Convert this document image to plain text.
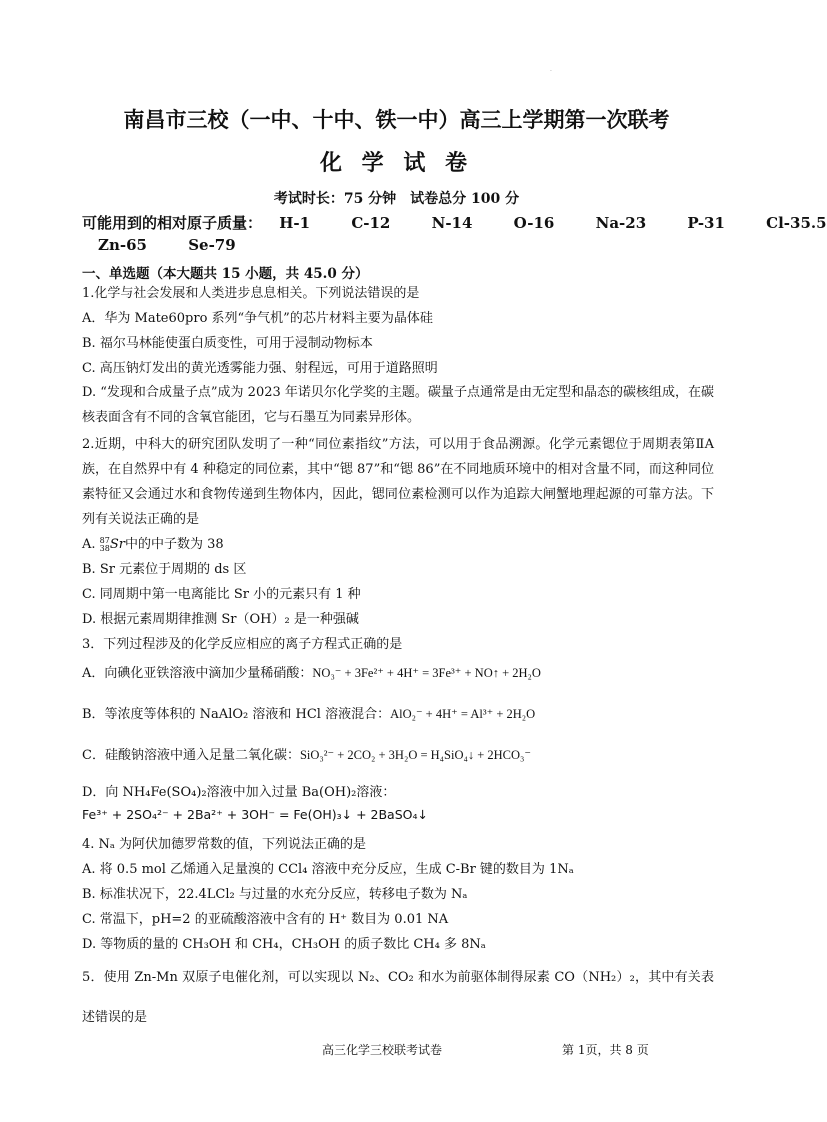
.
南昌市三校（一中、十中、铁一中）高三上学期第一次联考
化 学 试 卷
考试时长：75 分钟　试卷总分 100 分
可能用到的相对原子质量： H-1	C-12	N-14	O-16	Na-23	P-31	Cl-35.5
Zn-65	Se-79
一、单选题（本大题共 15 小题，共 45.0 分）
1.化学与社会发展和人类进步息息相关。下列说法错误的是
A．华为 Mate60pro 系列“争气机”的芯片材料主要为晶体硅
B. 福尔马林能使蛋白质变性，可用于浸制动物标本
C. 高压钠灯发出的黄光透雾能力强、射程远，可用于道路照明
D. “发现和合成量子点”成为 2023 年诺贝尔化学奖的主题。碳量子点通常是由无定型和晶态的碳核组成，在碳核表面含有不同的含氧官能团，它与石墨互为同素异形体。
2.近期，中科大的研究团队发明了一种“同位素指纹”方法，可以用于食品溯源。化学元素锶位于周期表第ⅡA 族，在自然界中有 4 种稳定的同位素，其中“锶 87”和“锶 86”在不同地质环境中的相对含量不同，而这种同位素特征又会通过水和食物传递到生物体内，因此，锶同位素检测可以作为追踪大闸蟹地理起源的可靠方法。下列有关说法正确的是
A. 87
38 Sr中的中子数为 38
B. Sr 元素位于周期的 ds 区
C. 同周期中第一电离能比 Sr 小的元素只有 1 种
D. 根据元素周期律推测 Sr（OH）₂ 是一种强碱
3．下列过程涉及的化学反应相应的离子方程式正确的是
A．向碘化亚铁溶液中滴加少量稀硝酸：NO₃⁻ + 3Fe²⁺ + 4H⁺ = 3Fe³⁺ + NO↑ + 2H₂O
B．等浓度等体积的 NaAlO₂ 溶液和 HCl 溶液混合：AlO₂⁻ + 4H⁺ = Al³⁺ + 2H₂O
C．硅酸钠溶液中通入足量二氧化碳：SiO₃²⁻ + 2CO₂ + 3H₂O = H₄SiO₄↓ + 2HCO₃⁻
D．向 NH₄Fe(SO₄)₂溶液中加入过量 Ba(OH)₂溶液：
Fe³⁺ + 2SO₄²⁻ + 2Ba²⁺ + 3OH⁻ = Fe(OH)₃↓ + 2BaSO₄↓
4. Nₐ 为阿伏加德罗常数的值，下列说法正确的是
A. 将 0.5 mol 乙烯通入足量溴的 CCl₄ 溶液中充分反应，生成 C-Br 键的数目为 1Nₐ
B. 标准状况下，22.4LCl₂ 与过量的水充分反应，转移电子数为 Nₐ
C. 常温下，pH=2 的亚硫酸溶液中含有的 H⁺ 数目为 0.01 NA
D. 等物质的量的 CH₃OH 和 CH₄，CH₃OH 的质子数比 CH₄ 多 8Nₐ
5．使用 Zn-Mn 双原子电催化剂，可以实现以 N₂、CO₂ 和水为前驱体制得尿素 CO（NH₂）₂，其中有关表述错误的是
高三化学三校联考试卷	第 1页，共 8 页
